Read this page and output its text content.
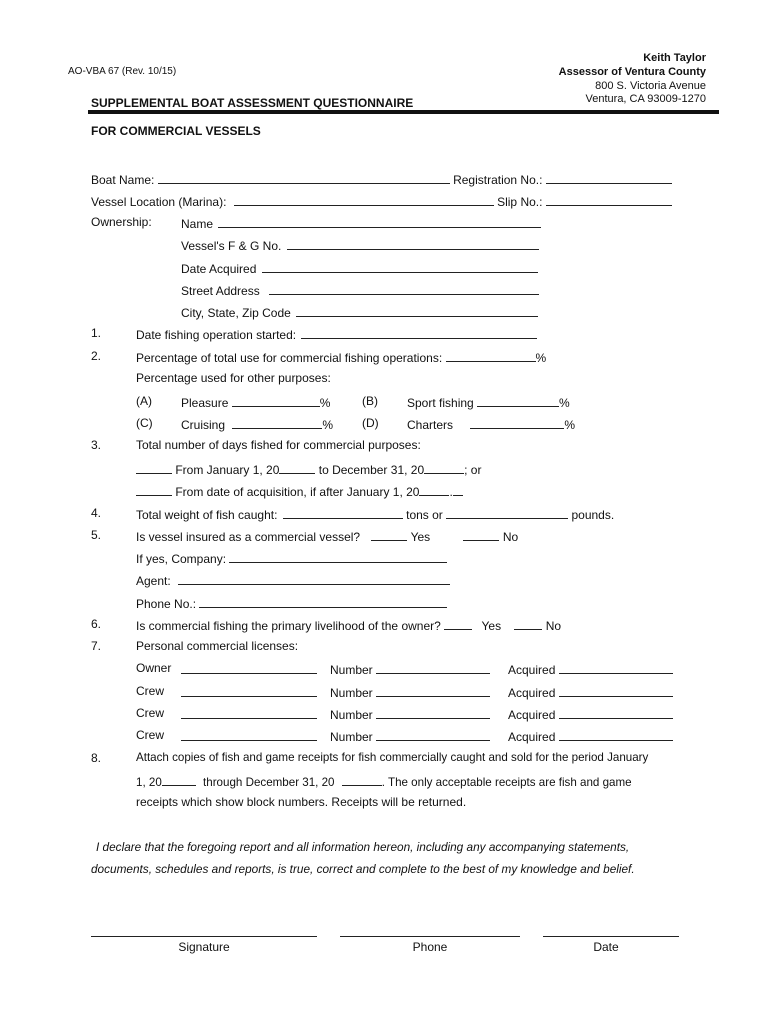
AO-VBA 67 (Rev. 10/15)
SUPPLEMENTAL BOAT ASSESSMENT QUESTIONNAIRE
Keith Taylor
Assessor of Ventura County
800 S. Victoria Avenue
Ventura, CA 93009-1270
FOR COMMERCIAL VESSELS
Boat Name:	Registration No.:
Vessel Location (Marina):	Slip No.:
Ownership: Name
Vessel's F & G No.
Date Acquired
Street Address
City, State, Zip Code
1.	Date fishing operation started:
2.	Percentage of total use for commercial fishing operations:	%
Percentage used for other purposes:
(A) Pleasure	%	(B) Sport fishing	%
(C) Cruising	% (D) Charters	%
3.	Total number of days fished for commercial purposes:
From January 1, 20	to December 31, 20	; or
From date of acquisition, if after January 1, 20	.
4.	Total weight of fish caught:	tons or	pounds.
5.	Is vessel insured as a commercial vessel?	Yes	No
If yes, Company:
Agent:
Phone No.:
6.	Is commercial fishing the primary livelihood of the owner?	Yes	No
7.	Personal commercial licenses:
Owner	Number	Acquired
Crew	Number	Acquired
Crew	Number	Acquired
Crew	Number	Acquired
8.	Attach copies of fish and game receipts for fish commercially caught and sold for the period January
1, 20	through December 31, 20	. The only acceptable receipts are fish and game
receipts which show block numbers. Receipts will be returned.
I declare that the foregoing report and all information hereon, including any accompanying statements,
documents, schedules and reports, is true, correct and complete to the best of my knowledge and belief.
Signature	Phone	Date
